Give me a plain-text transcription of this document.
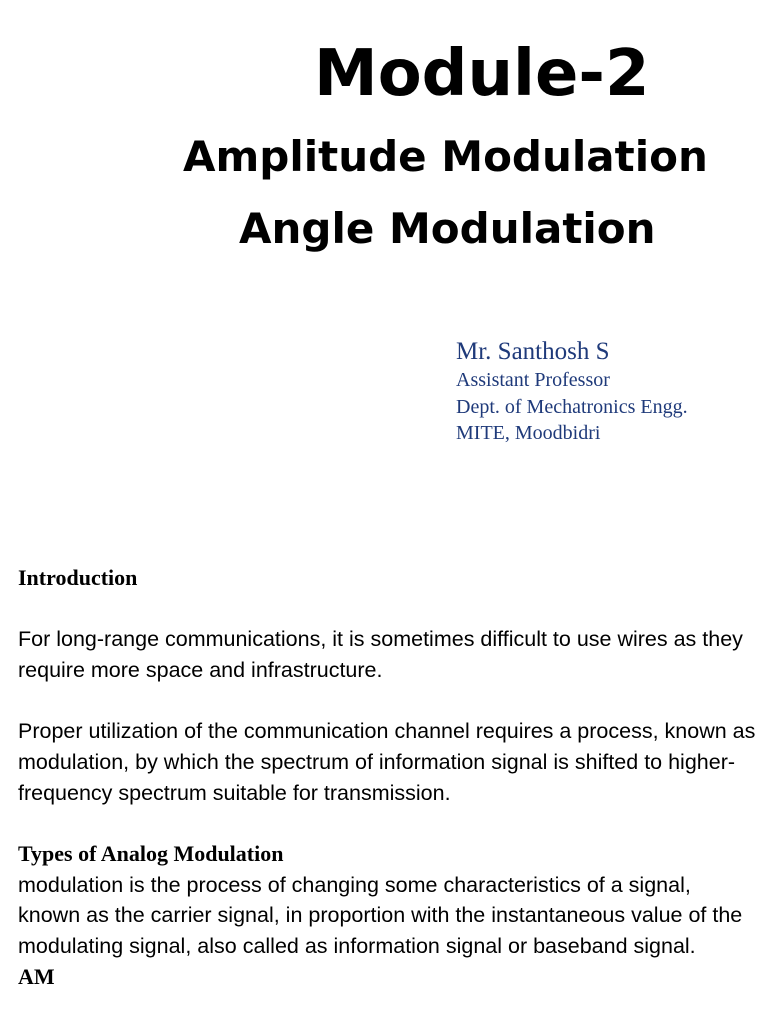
Module-2
Amplitude Modulation
Angle Modulation
Mr. Santhosh S
Assistant Professor
Dept. of Mechatronics Engg.
MITE, Moodbidri
Introduction
For long-range communications, it is sometimes difficult to use wires as they require more space and infrastructure.
Proper utilization of the communication channel requires a process, known as modulation, by which the spectrum of information signal is shifted to higher-frequency spectrum suitable for transmission.
Types of Analog Modulation
modulation is the process of changing some characteristics of a signal, known as the carrier signal, in proportion with the instantaneous value of the modulating signal, also called as information signal or baseband signal.
AM
